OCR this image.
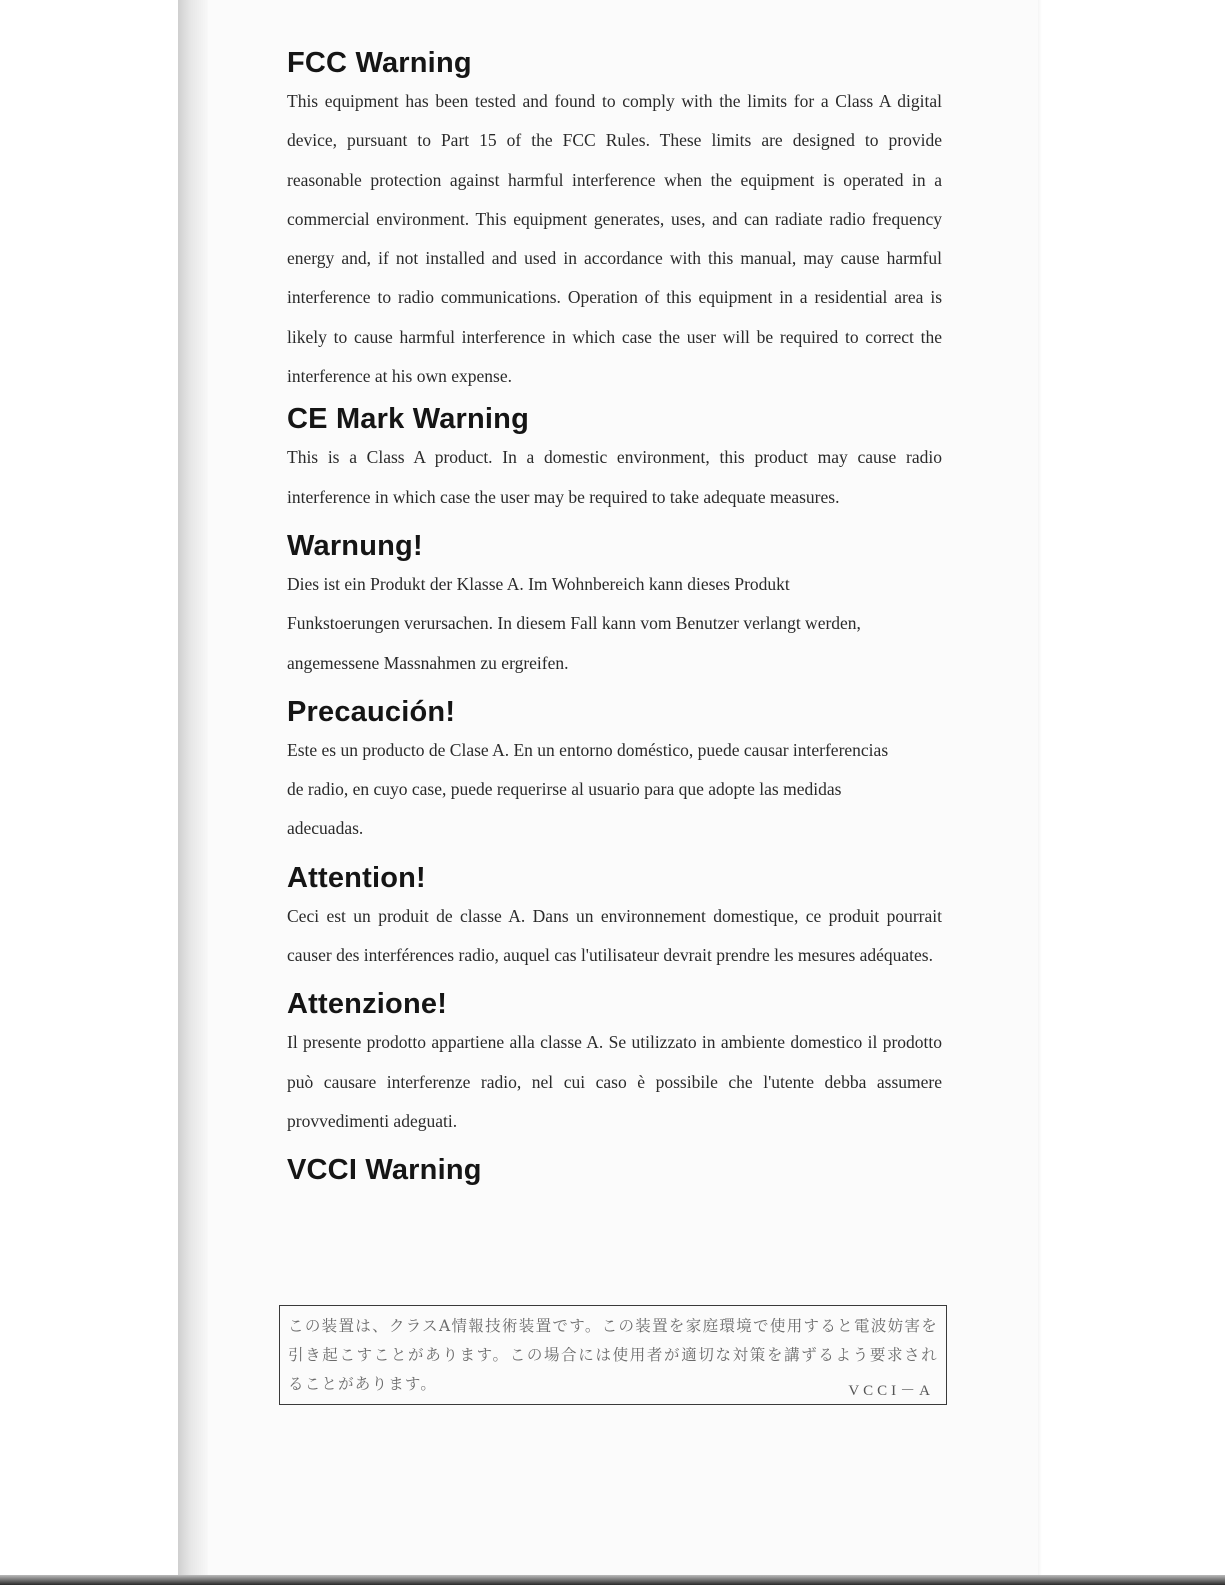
FCC Warning

This equipment has been tested and found to comply with the limits for a Class A digital device, pursuant to Part 15 of the FCC Rules. These limits are designed to provide reasonable protection against harmful interference when the equipment is operated in a commercial environment. This equipment generates, uses, and can radiate radio frequency energy and, if not installed and used in accordance with this manual, may cause harmful interference to radio communications. Operation of this equipment in a residential area is likely to cause harmful interference in which case the user will be required to correct the interference at his own expense.

CE Mark Warning

This is a Class A product. In a domestic environment, this product may cause radio interference in which case the user may be required to take adequate measures.

Warnung!

Dies ist ein Produkt der Klasse A. Im Wohnbereich kann dieses Produkt Funkstoerungen verursachen. In diesem Fall kann vom Benutzer verlangt werden, angemessene Massnahmen zu ergreifen.

Precaución!

Este es un producto de Clase A. En un entorno doméstico, puede causar interferencias de radio, en cuyo case, puede requerirse al usuario para que adopte las medidas adecuadas.

Attention!

Ceci est un produit de classe A. Dans un environnement domestique, ce produit pourrait causer des interférences radio, auquel cas l'utilisateur devrait prendre les mesures adéquates.

Attenzione!

Il presente prodotto appartiene alla classe A. Se utilizzato in ambiente domestico il prodotto può causare interferenze radio, nel cui caso è possibile che l'utente debba assumere provvedimenti adeguati.

VCCI Warning

この装置は、クラスA情報技術装置です。この装置を家庭環境で使用すると電波妨害を引き起こすことがあります。この場合には使用者が適切な対策を講ずるよう要求されることがあります。	VCCI－A
